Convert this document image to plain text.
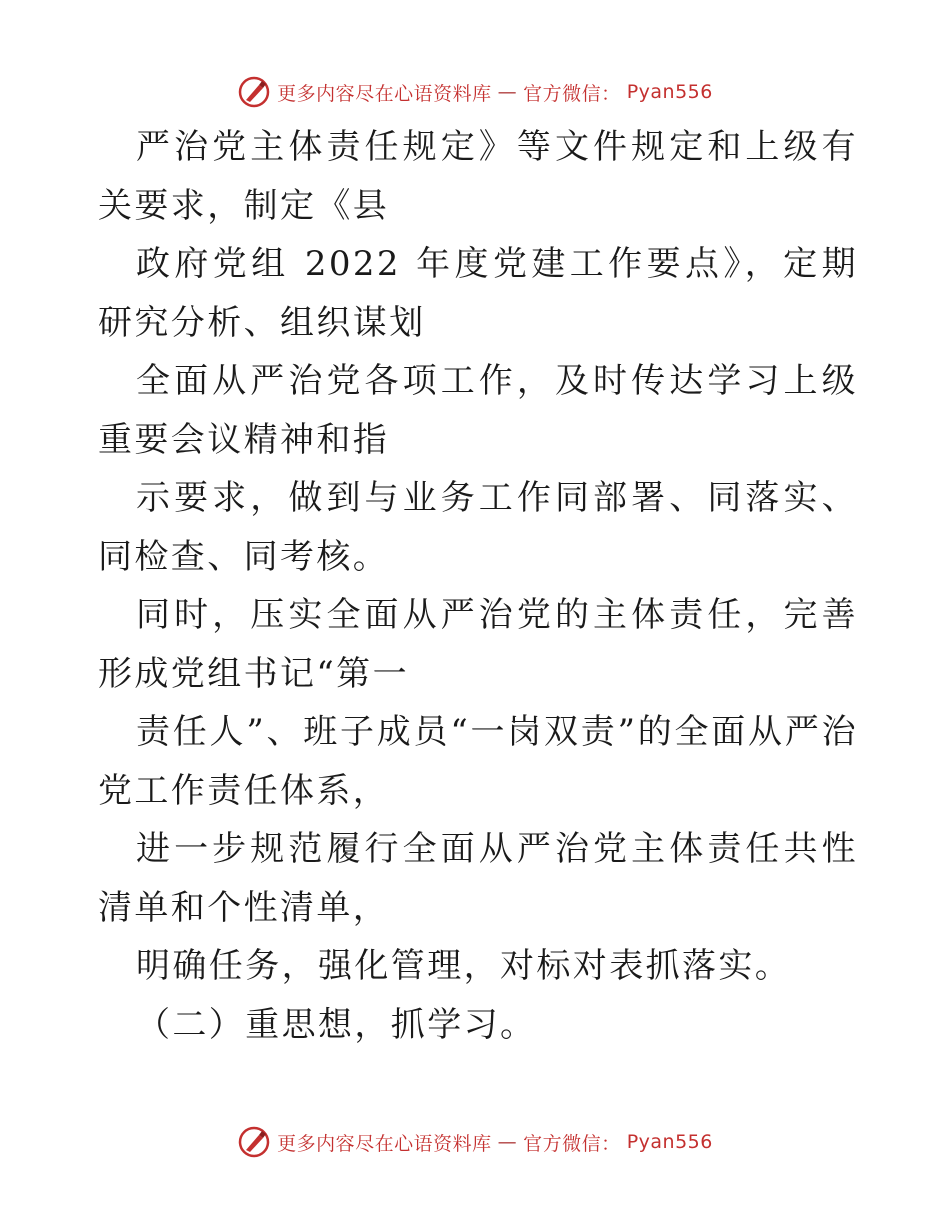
更多内容尽在心语资料库 — 官方微信： Pyan556

严治党主体责任规定》等文件规定和上级有关要求，制定《县

政府党组 2022 年度党建工作要点》，定期研究分析、组织谋划

全面从严治党各项工作，及时传达学习上级重要会议精神和指

示要求，做到与业务工作同部署、同落实、同检查、同考核。

同时，压实全面从严治党的主体责任，完善形成党组书记“第一

责任人”、班子成员“一岗双责”的全面从严治党工作责任体系，

进一步规范履行全面从严治党主体责任共性清单和个性清单，

明确任务，强化管理，对标对表抓落实。

（二）重思想，抓学习。

更多内容尽在心语资料库 — 官方微信： Pyan556
